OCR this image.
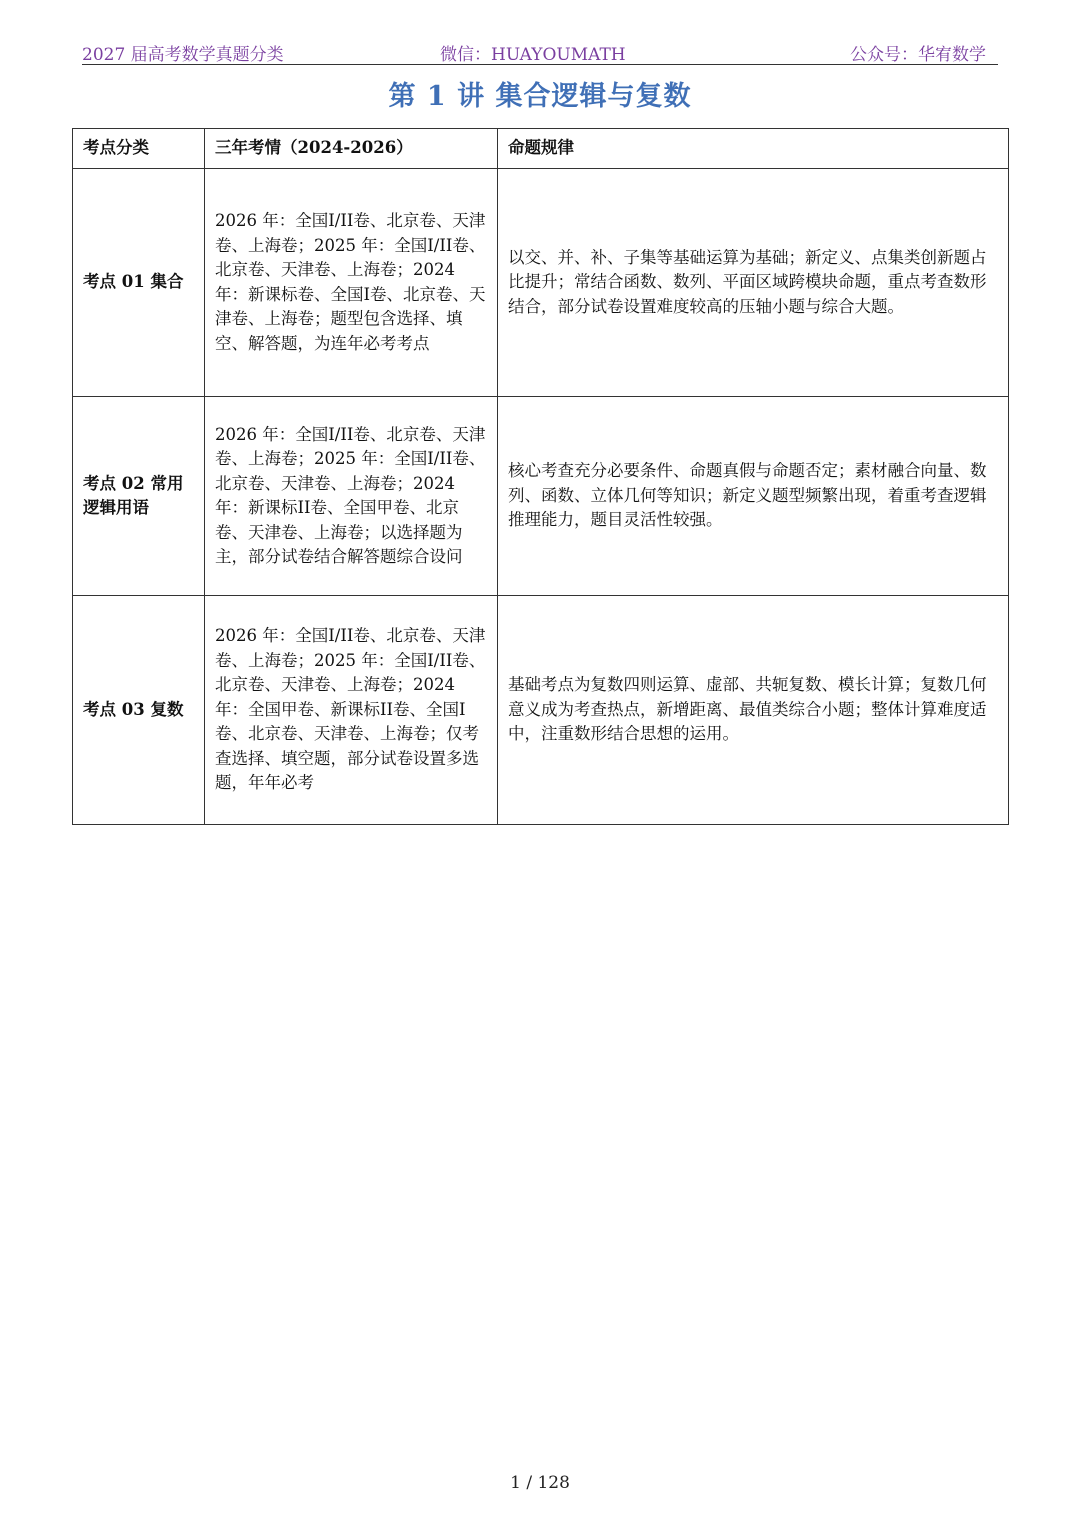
2027 届高考数学真题分类	微信：HUAYOUMATH	公众号：华宥数学
第 1 讲 集合逻辑与复数
考点分类	三年考情（2024-2026）	命题规律
考点 01 集合	2026 年：全国I/II卷、北京卷、天津卷、上海卷；2025 年：全国I/II卷、北京卷、天津卷、上海卷；2024 年：新课标卷、全国I卷、北京卷、天津卷、上海卷；题型包含选择、填空、解答题，为连年必考考点	以交、并、补、子集等基础运算为基础；新定义、点集类创新题占比提升；常结合函数、数列、平面区域跨模块命题，重点考查数形结合，部分试卷设置难度较高的压轴小题与综合大题。
考点 02 常用逻辑用语	2026 年：全国I/II卷、北京卷、天津卷、上海卷；2025 年：全国I/II卷、北京卷、天津卷、上海卷；2024 年：新课标II卷、全国甲卷、北京卷、天津卷、上海卷；以选择题为主，部分试卷结合解答题综合设问	核心考查充分必要条件、命题真假与命题否定；素材融合向量、数列、函数、立体几何等知识；新定义题型频繁出现，着重考查逻辑推理能力，题目灵活性较强。
考点 03 复数	2026 年：全国I/II卷、北京卷、天津卷、上海卷；2025 年：全国I/II卷、北京卷、天津卷、上海卷；2024 年：全国甲卷、新课标II卷、全国I卷、北京卷、天津卷、上海卷；仅考查选择、填空题，部分试卷设置多选题，年年必考	基础考点为复数四则运算、虚部、共轭复数、模长计算；复数几何意义成为考查热点，新增距离、最值类综合小题；整体计算难度适中，注重数形结合思想的运用。
1 / 128
